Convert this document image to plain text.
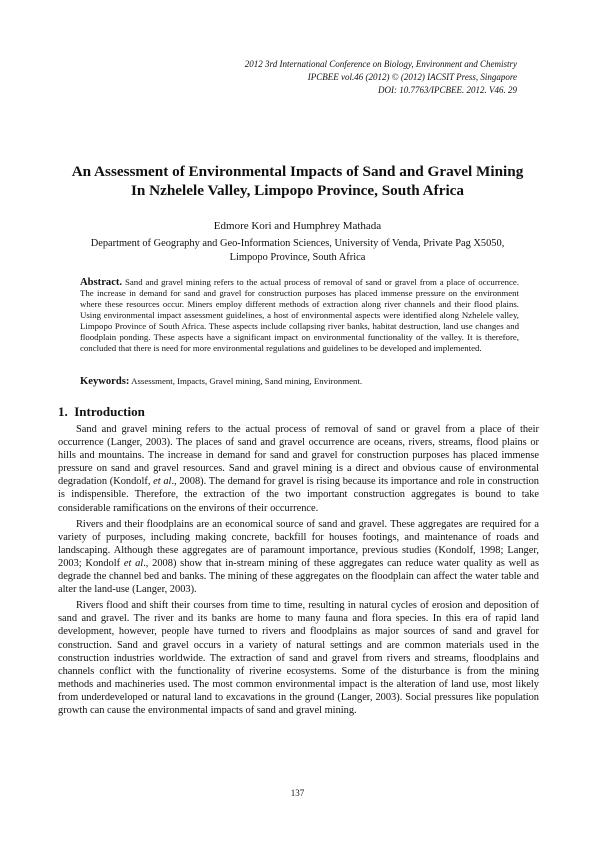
2012 3rd International Conference on Biology, Environment and Chemistry
IPCBEE vol.46 (2012) © (2012) IACSIT Press, Singapore
DOI: 10.7763/IPCBEE. 2012. V46. 29
An Assessment of Environmental Impacts of Sand and Gravel Mining
In Nzhelele Valley, Limpopo Province, South Africa
Edmore Kori and Humphrey Mathada
Department of Geography and Geo-Information Sciences, University of Venda, Private Pag X5050,
Limpopo Province, South Africa
Abstract. Sand and gravel mining refers to the actual process of removal of sand or gravel from a place of occurrence. The increase in demand for sand and gravel for construction purposes has placed immense pressure on the environment where these resources occur. Miners employ different methods of extraction along river channels and their flood plains. Using environmental impact assessment guidelines, a host of environmental aspects were identified along Nzhelele valley, Limpopo Province of South Africa. These aspects include collapsing river banks, habitat destruction, land use changes and floodplain ponding. These aspects have a significant impact on environmental functionality of the valley. It is therefore, concluded that there is need for more environmental regulations and guidelines to be developed and implemented.
Keywords: Assessment, Impacts, Gravel mining, Sand mining, Environment.
1. Introduction

Sand and gravel mining refers to the actual process of removal of sand or gravel from a place of their occurrence (Langer, 2003). The places of sand and gravel occurrence are oceans, rivers, streams, flood plains or hills and mountains. The increase in demand for sand and gravel for construction purposes has placed immense pressure on sand and gravel resources. Sand and gravel mining is a direct and obvious cause of environmental degradation (Kondolf, et al., 2008). The demand for gravel is rising because its importance and role in construction is indispensible. Therefore, the extraction of the two important construction aggregates is bound to take considerable ramifications on the environs of their occurrence.

Rivers and their floodplains are an economical source of sand and gravel. These aggregates are required for a variety of purposes, including making concrete, backfill for houses footings, and maintenance of roads and landscaping. Although these aggregates are of paramount importance, previous studies (Kondolf, 1998; Langer, 2003; Kondolf et al., 2008) show that in-stream mining of these aggregates can reduce water quality as well as degrade the channel bed and banks. The mining of these aggregates on the floodplain can affect the water table and alter the land-use (Langer, 2003).

Rivers flood and shift their courses from time to time, resulting in natural cycles of erosion and deposition of sand and gravel. The river and its banks are home to many fauna and flora species. In this era of rapid land development, however, people have turned to rivers and floodplains as major sources of sand and gravel for construction. Sand and gravel occurs in a variety of natural settings and are common materials used in the construction industries worldwide. The extraction of sand and gravel from rivers and streams, floodplains and channels conflict with the functionality of riverine ecosystems. Some of the disturbance is from the mining methods and machineries used. The most common environmental impact is the alteration of land use, most likely from underdeveloped or natural land to excavations in the ground (Langer, 2003). Social pressures like population growth can cause the environmental impacts of sand and gravel mining.

137
